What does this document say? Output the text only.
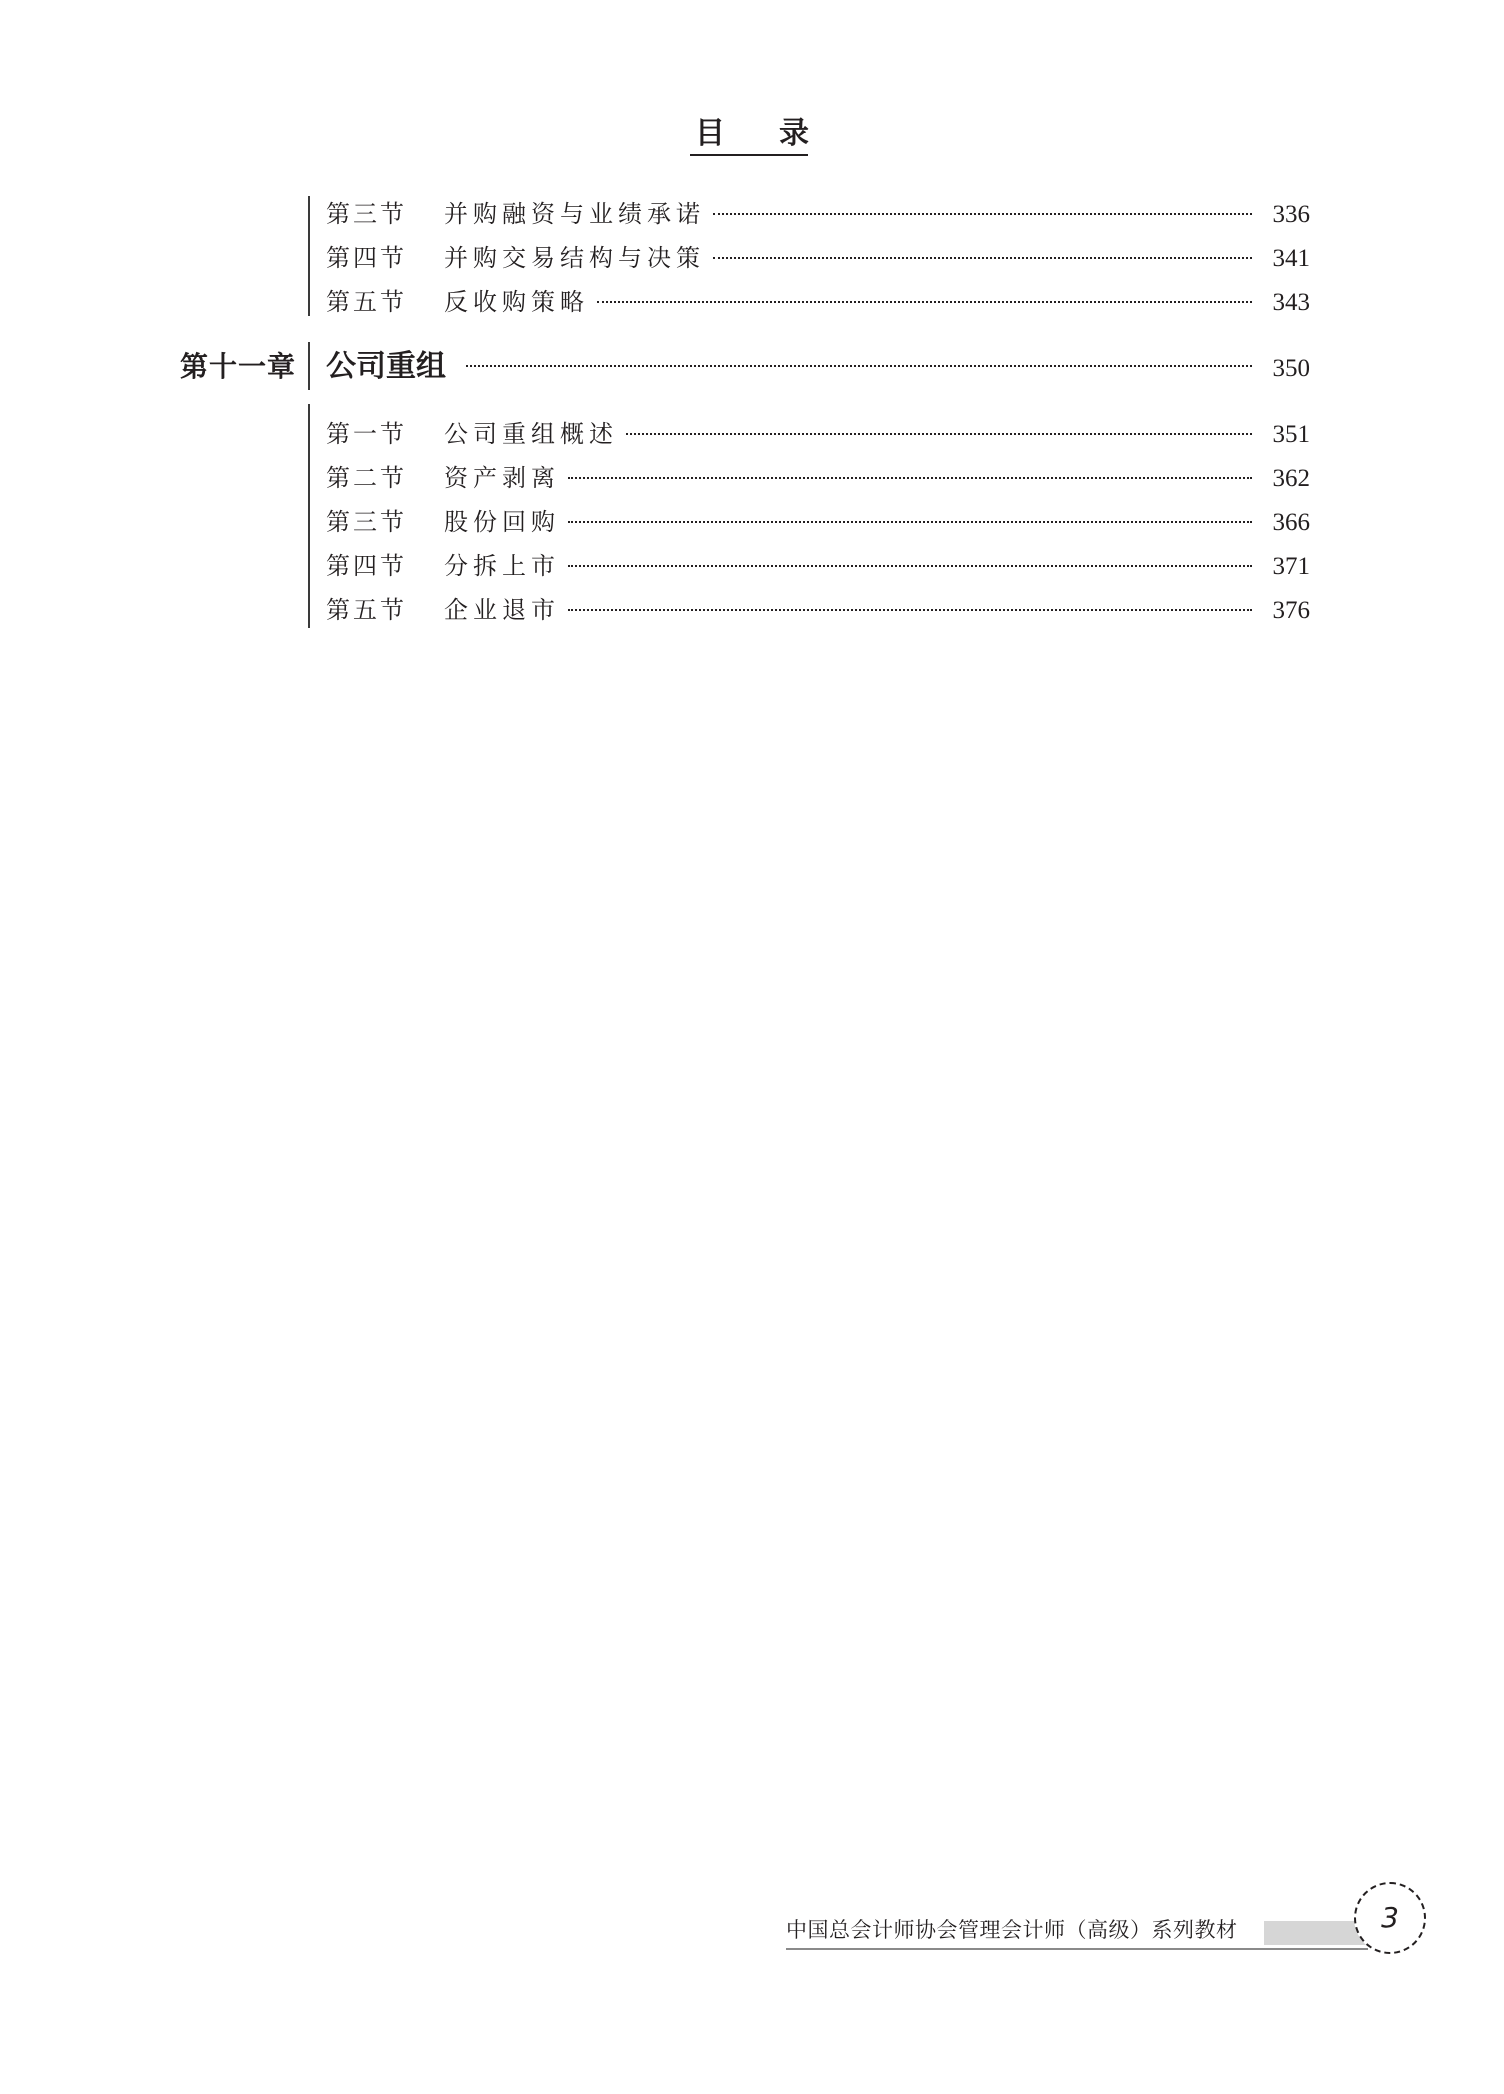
目录
第三节	并购融资与业绩承诺	336
第四节	并购交易结构与决策	341
第五节	反收购策略	343
第十一章 公司重组	350
第一节	公司重组概述	351
第二节	资产剥离	362
第三节	股份回购	366
第四节	分拆上市	371
第五节	企业退市	376
中国总会计师协会管理会计师（高级）系列教材	3
